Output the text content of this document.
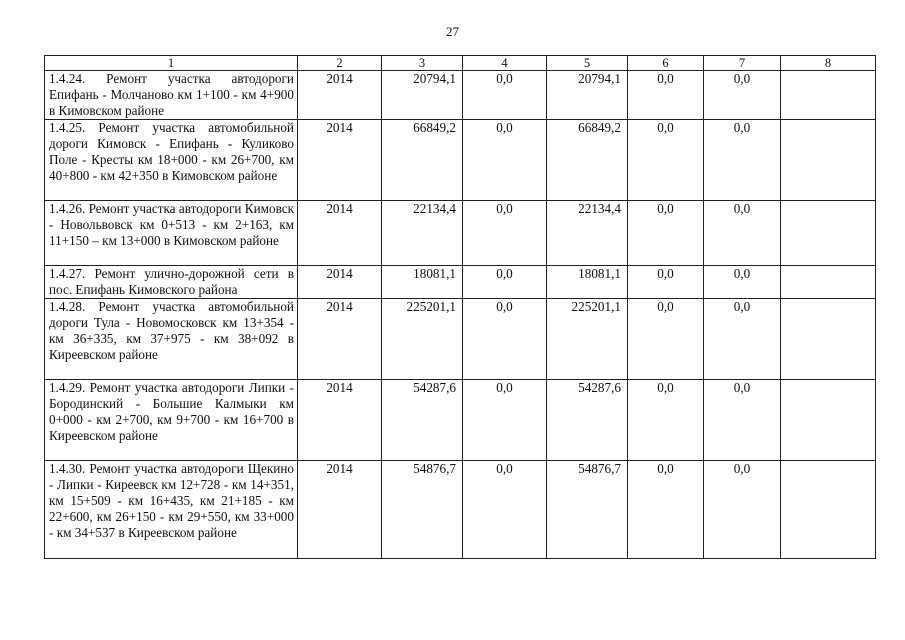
27
1	2	3	4	5	6	7	8
1.4.24. Ремонт участка автодороги Епифань - Молчаново км 1+100 - км 4+900 в Кимовском районе	2014	20794,1	0,0	20794,1	0,0	0,0	
1.4.25. Ремонт участка автомобильной дороги Кимовск - Епифань - Куликово Поле - Кресты км 18+000 - км 26+700, км 40+800 - км 42+350 в Кимовском районе	2014	66849,2	0,0	66849,2	0,0	0,0	
1.4.26. Ремонт участка автодороги Кимовск - Новольвовск км 0+513 - км 2+163, км 11+150 – км 13+000 в Кимовском районе	2014	22134,4	0,0	22134,4	0,0	0,0	
1.4.27. Ремонт улично-дорожной сети в пос. Епифань Кимовского района	2014	18081,1	0,0	18081,1	0,0	0,0	
1.4.28. Ремонт участка автомобильной дороги Тула - Новомосковск км 13+354 - км 36+335, км 37+975 - км 38+092 в Киреевском районе	2014	225201,1	0,0	225201,1	0,0	0,0	
1.4.29. Ремонт участка автодороги Липки - Бородинский - Большие Калмыки км 0+000 - км 2+700, км 9+700 - км 16+700 в Киреевском районе	2014	54287,6	0,0	54287,6	0,0	0,0	
1.4.30. Ремонт участка автодороги Щекино - Липки - Киреевск км 12+728 - км 14+351, км 15+509 - км 16+435, км 21+185 - км 22+600, км 26+150 - км 29+550, км 33+000 - км 34+537 в Киреевском районе	2014	54876,7	0,0	54876,7	0,0	0,0	
